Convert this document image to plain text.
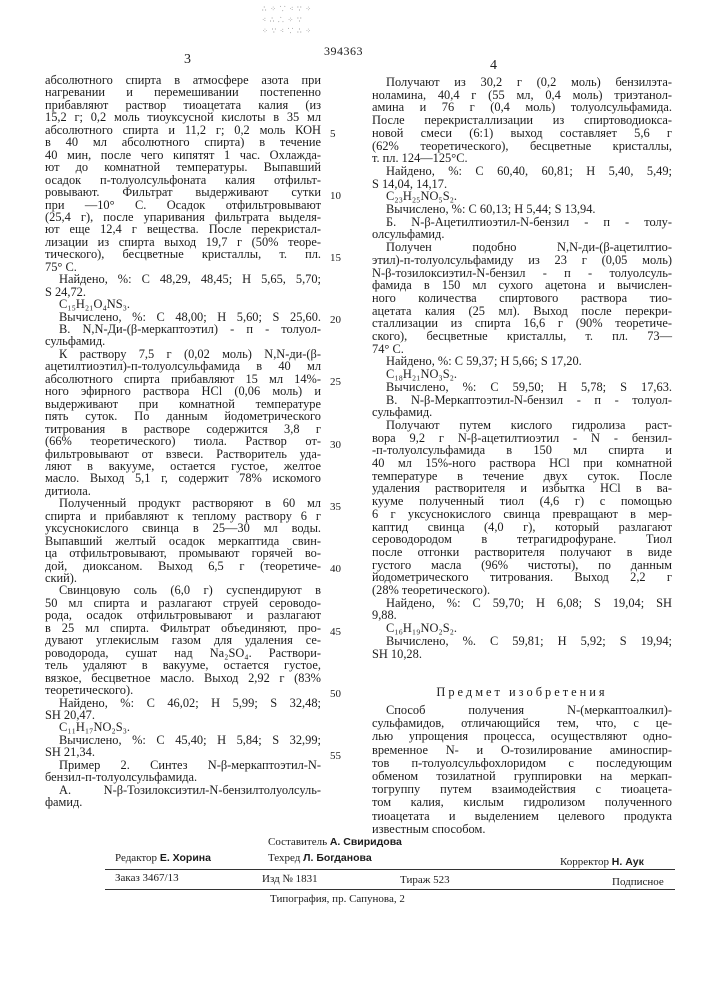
∴ ⁘ ⸪ ⁖ ∵ ⁘
⁖ ∴ ⸫ ⁘ ∵
⁘ ∵ ⁖ ⸪ ∴ ⁘
394363
3	4
абсолютного спирта в атмосфере азота при
нагревании и перемешивании постепенно
прибавляют раствор тиоацетата калия (из
15,2 г; 0,2 моль тиоуксусной кислоты в 35 мл
абсолютного спирта и 11,2 г; 0,2 моль КОН
в 40 мл абсолютного спирта) в течение
40 мин, после чего кипятят 1 час. Охлажда-
ют до комнатной температуры. Выпавший
осадок п-толуолсульфоната калия отфильт-
ровывают. Фильтрат выдерживают сутки
при —10° С. Осадок отфильтровывают
(25,4 г), после упаривания фильтрата выделя-
ют еще 12,4 г вещества. После перекристал-
лизации из спирта выход 19,7 г (50% теоре-
тического), бесцветные кристаллы, т. пл.
75° С.
Найдено, %: С 48,29, 48,45; Н 5,65, 5,70;
S 24,72.
C₁₅H₂₁O₄NS₃.
Вычислено, %: С 48,00; Н 5,60; S 25,60.
В. N,N-Ди-(β-меркаптоэтил) - п - толуол-
сульфамид.
К раствору 7,5 г (0,02 моль) N,N-ди-(β-
ацетилтиоэтил)-п-толуолсульфамида в 40 мл
абсолютного спирта прибавляют 15 мл 14%-
ного эфирного раствора HCl (0,06 моль) и
выдерживают при комнатной температуре
пять суток. По данным йодометрического
титрования в растворе содержится 3,8 г
(66% теоретического) тиола. Раствор от-
фильтровывают от взвеси. Растворитель уда-
ляют в вакууме, остается густое, желтое
масло. Выход 5,1 г, содержит 78% искомого
дитиола.
Полученный продукт растворяют в 60 мл
спирта и прибавляют к теплому раствору 6 г
уксуснокислого свинца в 25—30 мл воды.
Выпавший желтый осадок меркаптида свин-
ца отфильтровывают, промывают горячей во-
дой, диоксаном. Выход 6,5 г (теоретиче-
ский).
Свинцовую соль (6,0 г) суспендируют в
50 мл спирта и разлагают струей сероводо-
рода, осадок отфильтровывают и разлагают
в 25 мл спирта. Фильтрат объединяют, про-
дувают углекислым газом для удаления се-
роводорода, сушат над Na₂SO₄. Раствори-
тель удаляют в вакууме, остается густое,
вязкое, бесцветное масло. Выход 2,92 г (83%
теоретического).
Найдено, %: С 46,02; Н 5,99; S 32,48;
SH 20,47.
C₁₁H₁₇NO₂S₃.
Вычислено, %: С 45,40; Н 5,84; S 32,99;
SH 21,34.
Пример 2. Синтез N-β-меркаптоэтил-N-
бензил-п-толуолсульфамида.
А. N-β-Тозилоксиэтил-N-бензилтолуолсуль-
фамид.
Получают из 30,2 г (0,2 моль) бензилэта-
ноламина, 40,4 г (55 мл, 0,4 моль) триэтанол-
амина и 76 г (0,4 моль) толуолсульфамида.
После перекристаллизации из спиртоводиокса-
новой смеси (6:1) выход составляет 5,6 г
(62% теоретического), бесцветные кристаллы,
т. пл. 124—125°С.
Найдено, %: С 60,40, 60,81; Н 5,40, 5,49;
S 14,04, 14,17.
C₂₃H₂₅NO₅S₂.
Вычислено, %: С 60,13; Н 5,44; S 13,94.
Б. N-β-Ацетилтиоэтил-N-бензил - п - толу-
олсульфамид.
Получен подобно N,N-ди-(β-ацетилтио-
этил)-п-толуолсульфамиду из 23 г (0,05 моль)
N-β-тозилоксиэтил-N-бензил - п - толуолсуль-
фамида в 150 мл сухого ацетона и вычислен-
ного количества спиртового раствора тио-
ацетата калия (25 мл). Выход после перекри-
сталлизации из спирта 16,6 г (90% теоретиче-
ского), бесцветные кристаллы, т. пл. 73—
74° С.
Найдено, %: С 59,37; Н 5,66; S 17,20.
C₁₈H₂₁NO₃S₂.
Вычислено, %: С 59,50; Н 5,78; S 17,63.
В. N-β-Меркаптоэтил-N-бензил - п - толуол-
сульфамид.
Получают путем кислого гидролиза раст-
вора 9,2 г N-β-ацетилтиоэтил - N - бензил-
-п-толуолсульфамида в 150 мл спирта и
40 мл 15%-ного раствора HCl при комнатной
температуре в течение двух суток. После
удаления растворителя и избытка HCl в ва-
кууме полученный тиол (4,6 г) с помощью
6 г уксуснокислого свинца превращают в мер-
каптид свинца (4,0 г), который разлагают
сероводородом в тетрагидрофуране. Тиол
после отгонки растворителя получают в виде
густого масла (96% чистоты), по данным
йодометрического титрования. Выход 2,2 г
(28% теоретического).
Найдено, %: С 59,70; Н 6,08; S 19,04; SH
9,88.
C₁₆H₁₉NO₂S₂.
Вычислено, %. С 59,81; Н 5,92; S 19,94;
SH 10,28.
Предмет изобретения
Способ получения N-(меркаптоалкил)-
сульфамидов, отличающийся тем, что, с це-
лью упрощения процесса, осуществляют одно-
временное N- и О-тозилирование аминоспир-
тов п-толуолсульфохлоридом с последующим
обменом тозилатной группировки на меркап-
тогруппу путем взаимодействия с тиоацета-
том калия, кислым гидролизом полученного
тиоацетата и выделением целевого продукта
известным способом.
5
10
15
20
25
30
35
40
45
50
55
Составитель А. Свиридова
Редактор Е. Хорина	Техред Л. Богданова	Корректор Н. Аук
Заказ 3467/13	Изд № 1831	Тираж 523	Подписное
Типография, пр. Сапунова, 2
